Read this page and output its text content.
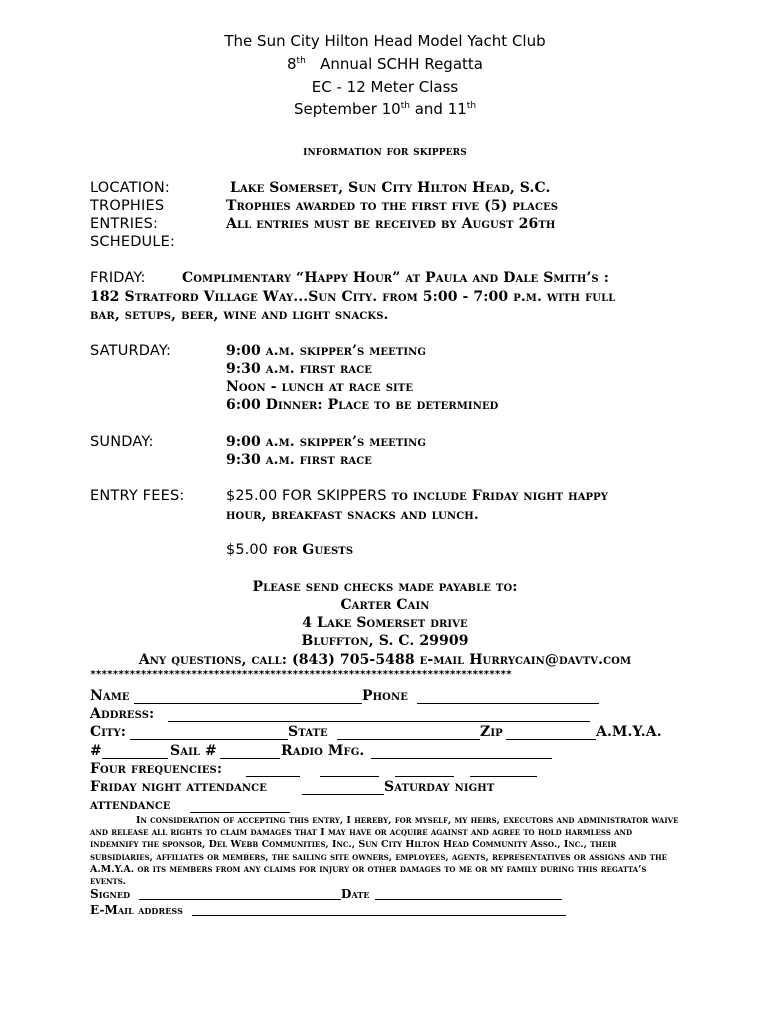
The Sun City Hilton Head Model Yacht Club
8th Annual SCHH Regatta
EC - 12 Meter Class
September 10th and 11th
information for skippers
LOCATION:	Lake Somerset, Sun City Hilton Head, S.C.
TROPHIES	Trophies awarded to the first five (5) places
ENTRIES:	All entries must be received by August 26th
SCHEDULE:
FRIDAY:	Complimentary “Happy Hour” at Paula and Dale Smith’s :
182 Stratford Village Way...Sun City. from 5:00 - 7:00 p.m. with full
bar, setups, beer, wine and light snacks.
SATURDAY:	9:00 a.m. skipper’s meeting
9:30 a.m. first race
Noon - lunch at race site
6:00 Dinner: Place to be determined
SUNDAY:	9:00 a.m. skipper’s meeting
9:30 a.m. first race
ENTRY FEES:	$25.00 FOR SKIPPERS to include Friday night happy
hour, breakfast snacks and lunch.
$5.00 for Guests
Please send checks made payable to:
Carter Cain
4 Lake Somerset drive
Bluffton, S. C. 29909
Any questions, call: (843) 705-5488 e-mail Hurrycain@davtv.com
***************************************************************************
Name	Phone
Address:
City:	State	Zip	A.M.Y.A.
#	Sail #	Radio Mfg.
Four frequencies:
Friday night attendance	Saturday night
attendance
In consideration of accepting this entry, I hereby, for myself, my heirs, executors and administrator waive and release all rights to claim damages that I may have or acquire against and agree to hold harmless and indemnify the sponsor, Del Webb Communities, Inc., Sun City Hilton Head Community Asso., Inc., their subsidiaries, affiliates or members, the sailing site owners, employees, agents, representatives or assigns and the A.M.Y.A. or its members from any claims for injury or other damages to me or my family during this regatta’s events.
Signed	Date
E-Mail address
